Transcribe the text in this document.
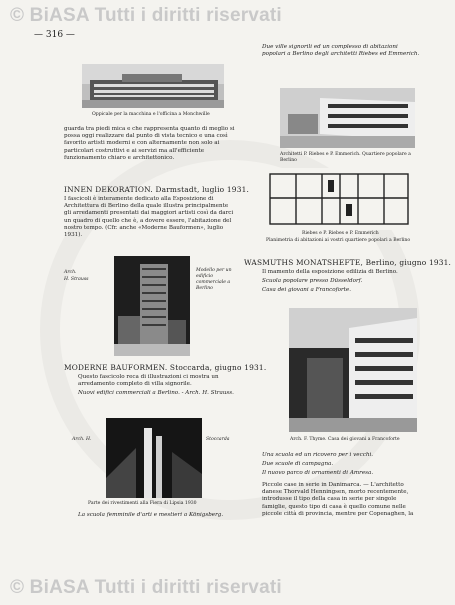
© BiASA Tutti i diritti riservati
© BiASA Tutti i diritti riservati
— 316 —
Due ville signorili ed un complesso di abitazioni popolari a Berlino degli architetti Riebes ed Emmerich.
Oppicale per la macchina e l'officina a Monchwille
Architetti P. Riebes e P. Emmerich. Quartiere popolare a Berlino
Riebes e P. Riebes e P. Emmerich
Planimetria di abitazioni ai vostri quartiere popolari a Berlino
guarda tra piedi mica e che rappresenta quanto di meglio si possa oggi realizzare dal punto di vista tecnico e una così favorito artisti moderni e con alternamente non solo ai particolari costruttivi e ai servizi ma all'efficiente funzionamento chiaro e architettonico.
INNEN DEKORATION. Darmstadt, luglio 1931.
I fascicoli è interamente dedicato alla Esposizione di Architettura di Berlino della quale illustra principalmente gli arredamenti presentati dai maggiori artisti così da darci un quadro di quello che è, a dovere essere, l'abitazione del nostro tempo. (Cfr. anche «Moderne Bauformen», luglio 1931).
Arch.
H. Strauss
Modello per un edificio commerciale a Berlino
WASMUTHS MONATSHEFTE, Berlino, giugno 1931.
Il mamento della esposizione edilizia di Berlino.
Scuola popolare presso Düsseldorf.
Casa dei giovani a Francoforte.
Arch. F. Thyme. Casa dei giovani a Francoforte
MODERNE BAUFORMEN. Stoccarda, giugno 1931.
Questo fascicolo reca di illustrazioni ci mostra un arredamento completo di villa signorile.
Nuovi edifici commerciali a Berlino. - Arch. H. Strauss.
Arch. H.	Stoccarda
Parte dei rivestimenti alla Fiera di Lipsia 1930
La scuola femminile d'arti e mestieri a Königsberg.
Una scuola ed un ricovero per i vecchi.
Due scuole di campagna.
Il nuovo parco di ornamenti di Amresa.
Piccole case in serie in Danimarca. — L'architetto danese Thorvald Henningsen, morto recentemente, introdusse il tipo della casa in serie per singole famiglie, questo tipo di casa è quello comune nelle piccole città di provincia, mentre per Copenaghen, la
